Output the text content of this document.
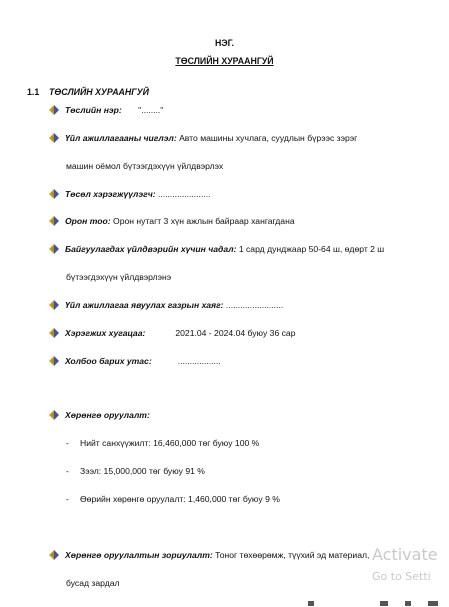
НЭГ.
ТӨСЛИЙН ХУРААНГУЙ
1.1 ТӨСЛИЙН ХУРААНГУЙ
Төслийн нэр: "........"
Үйл ажиллагааны чиглэл: Авто машины хучлага, суудлын бүрээс зэрэг
машин оёмол бүтээгдэхүүн үйлдвэрлэх
Төсөл хэрэгжүүлэгч: ......................
Орон тоо: Орон нутагт 3 хүн ажлын байраар хангагдана
Байгуулагдах үйлдвэрийн хүчин чадал: 1 сард дунджаар 50-64 ш, өдөрт 2 ш
бүтээгдэхүүн үйлдвэрлэнэ
Үйл ажиллагаа явуулах газрын хаяг: ........................
Хэрэгжих хугацаа:	2021.04 - 2024.04 буюу 36 сар
Холбоо барих утас:	..................
Хөрөнгө оруулалт:
- Нийт санхүүжилт: 16,460,000 төг буюу 100 %
- Зээл: 15,000,000 төг буюу 91 %
- Өөрийн хөрөнгө оруулалт: 1,460,000 төг буюу 9 %
Хөрөнгө оруулалтын зориулалт: Тоног төхөөрөмж, түүхий эд материал,
бусад зардал
Activate
Go to Setti
